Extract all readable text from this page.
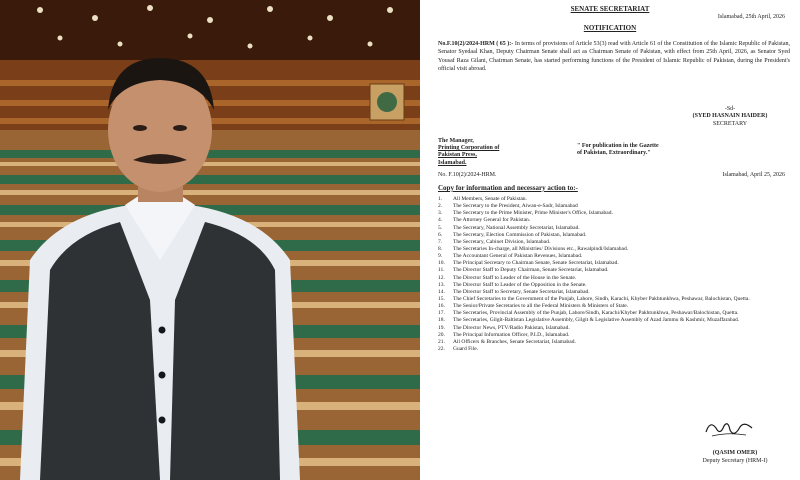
SENATE SECRETARIAT
Islamabad, 25th April, 2026
NOTIFICATION
No.F.10(2)/2024-HRM ( 65 ):- In terms of provisions of Article 53(3) read with Article 61 of the Constitution of the Islamic Republic of Pakistan, Senator Syedaal Khan, Deputy Chairman Senate shall act as Chairman Senate of Pakistan, with effect from 25th April, 2026, as Senator Syed Yousaf Raza Gilani, Chairman Senate, has started performing functions of the President of Islamic Republic of Pakistan, during the President's official visit abroad.
-Sd-
(SYED HASNAIN HAIDER)
SECRETARY
The Manager,
Printing Corporation of
Pakistan Press,
Islamabad.
" For publication in the Gazette
of Pakistan, Extraordinary."
No. F.10(2)/2024-HRM.	Islamabad, April 25, 2026
Copy for information and necessary action to:-
1.	All Members, Senate of Pakistan.
2.	The Secretary to the President, Aiwan-e-Sadr, Islamabad
3.	The Secretary to the Prime Minister, Prime Minister's Office, Islamabad.
4.	The Attorney General for Pakistan.
5.	The Secretary, National Assembly Secretariat, Islamabad.
6.	The Secretary, Election Commission of Pakistan, Islamabad.
7.	The Secretary, Cabinet Division, Islamabad.
8.	The Secretaries In-charge, all Ministries/ Divisions etc., Rawalpindi/Islamabad.
9.	The Accountant General of Pakistan Revenues, Islamabad.
10.	The Principal Secretary to Chairman Senate, Senate Secretariat, Islamabad.
11.	The Director Staff to Deputy Chairman, Senate Secretariat, Islamabad.
12.	The Director Staff to Leader of the House in the Senate.
13.	The Director Staff to Leader of the Opposition in the Senate.
14.	The Director Staff to Secretary, Senate Secretariat, Islamabad.
15.	The Chief Secretaries to the Government of the Punjab, Lahore, Sindh, Karachi, Khyber Pakhtunkhwa, Peshawar, Balochistan, Quetta.
16.	The Senior/Private Secretaries to all the Federal Ministers & Ministers of State.
17.	The Secretaries, Provincial Assembly of the Punjab, Lahore/Sindh, Karachi/Khyber Pakhtunkhwa, Peshawar/Balochistan, Quetta.
18.	The Secretaries, Gilgit-Baltistan Legislative Assembly, Gilgit & Legislative Assembly of Azad Jammu & Kashmir, Muzaffarabad.
19.	The Director News, PTV/Radio Pakistan, Islamabad.
20.	The Principal Information Officer, P.I.D., Islamabad.
21.	All Officers & Branches, Senate Secretariat, Islamabad.
22.	Guard File.
(QASIM OMER)
Deputy Secretary (HRM-I)
